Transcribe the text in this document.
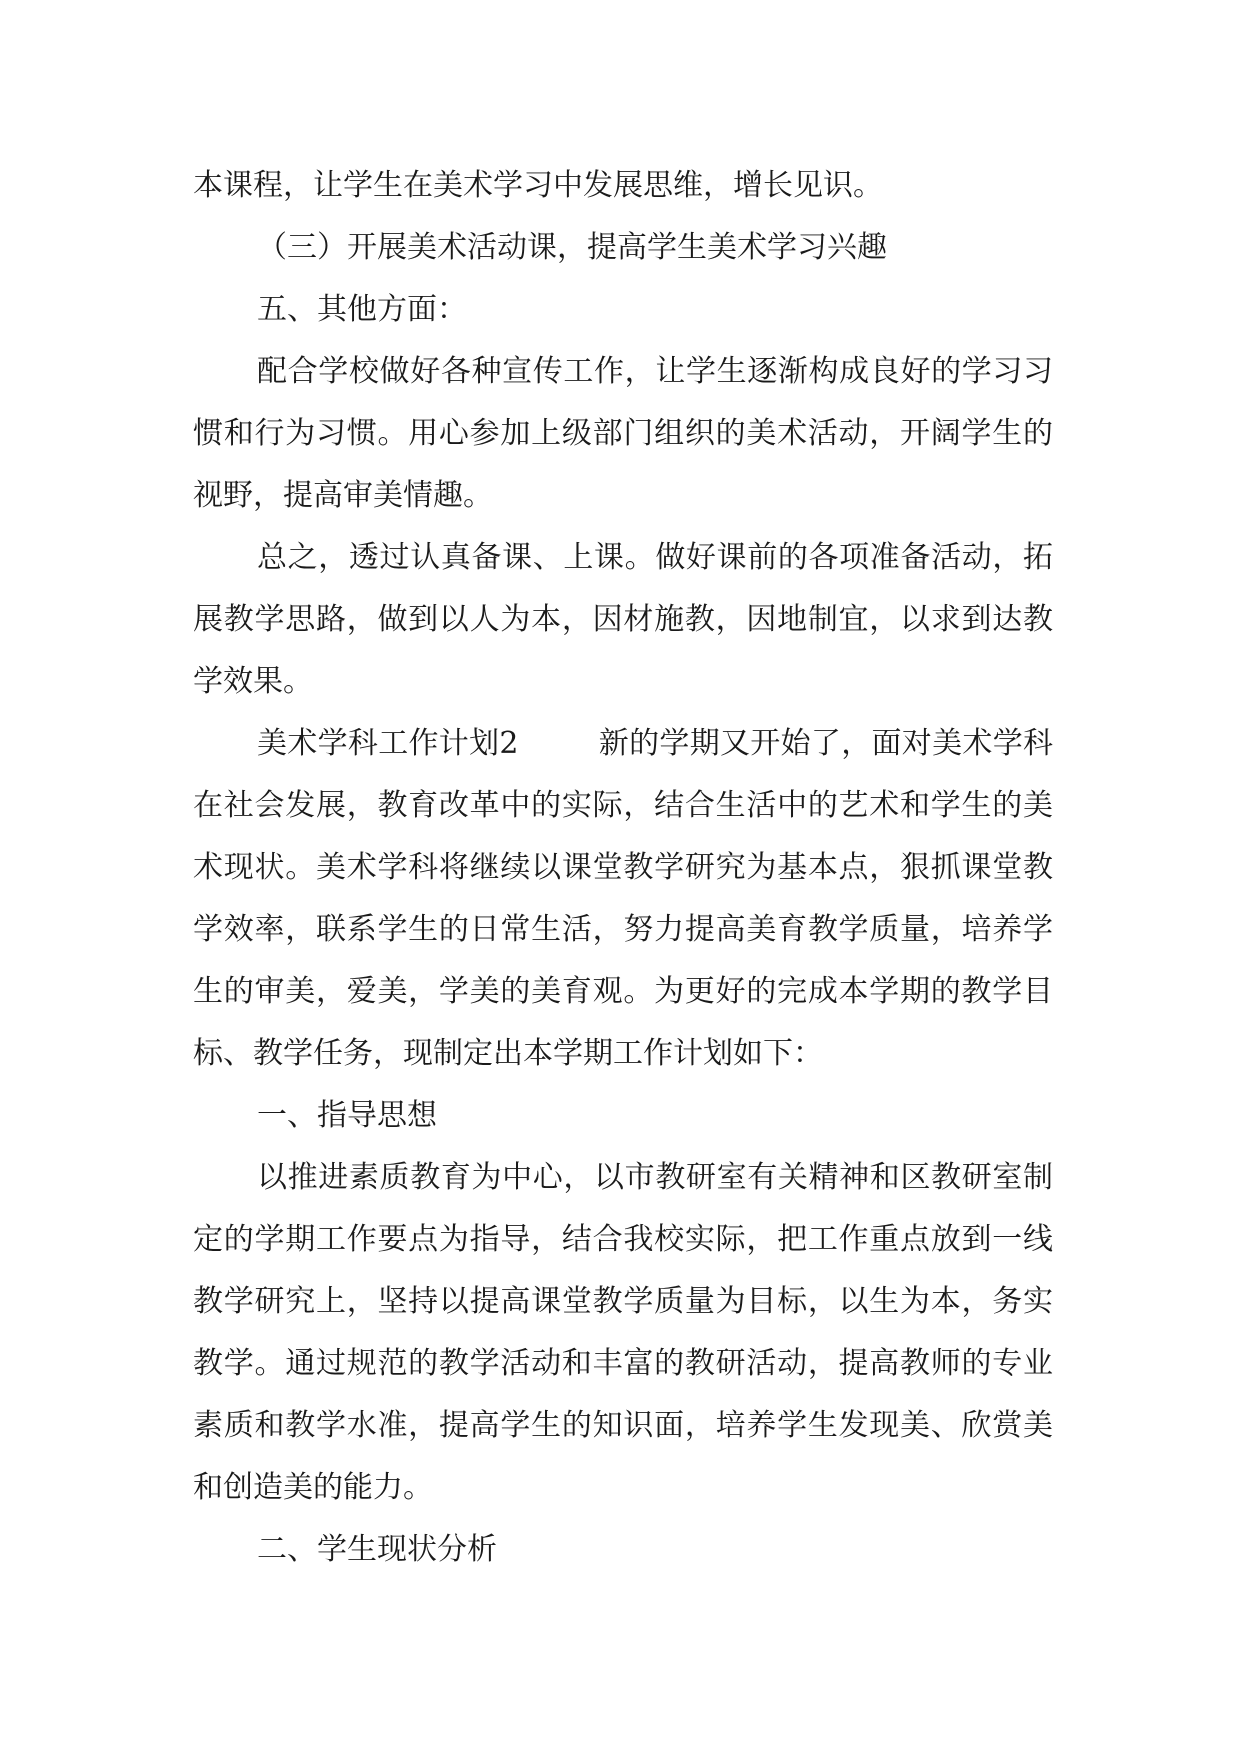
本课程，让学生在美术学习中发展思维，增长见识。

（三）开展美术活动课，提高学生美术学习兴趣

五、其他方面：

配合学校做好各种宣传工作，让学生逐渐构成良好的学习习惯和行为习惯。用心参加上级部门组织的美术活动，开阔学生的视野，提高审美情趣。

总之，透过认真备课、上课。做好课前的各项准备活动，拓展教学思路，做到以人为本，因材施教，因地制宜，以求到达教学效果。

美术学科工作计划2	新的学期又开始了，面对美术学科在社会发展，教育改革中的实际，结合生活中的艺术和学生的美术现状。美术学科将继续以课堂教学研究为基本点，狠抓课堂教学效率，联系学生的日常生活，努力提高美育教学质量，培养学生的审美，爱美，学美的美育观。为更好的完成本学期的教学目标、教学任务，现制定出本学期工作计划如下：

一、指导思想

以推进素质教育为中心，以市教研室有关精神和区教研室制定的学期工作要点为指导，结合我校实际，把工作重点放到一线教学研究上，坚持以提高课堂教学质量为目标，以生为本，务实教学。通过规范的教学活动和丰富的教研活动，提高教师的专业素质和教学水准，提高学生的知识面，培养学生发现美、欣赏美和创造美的能力。

二、学生现状分析
